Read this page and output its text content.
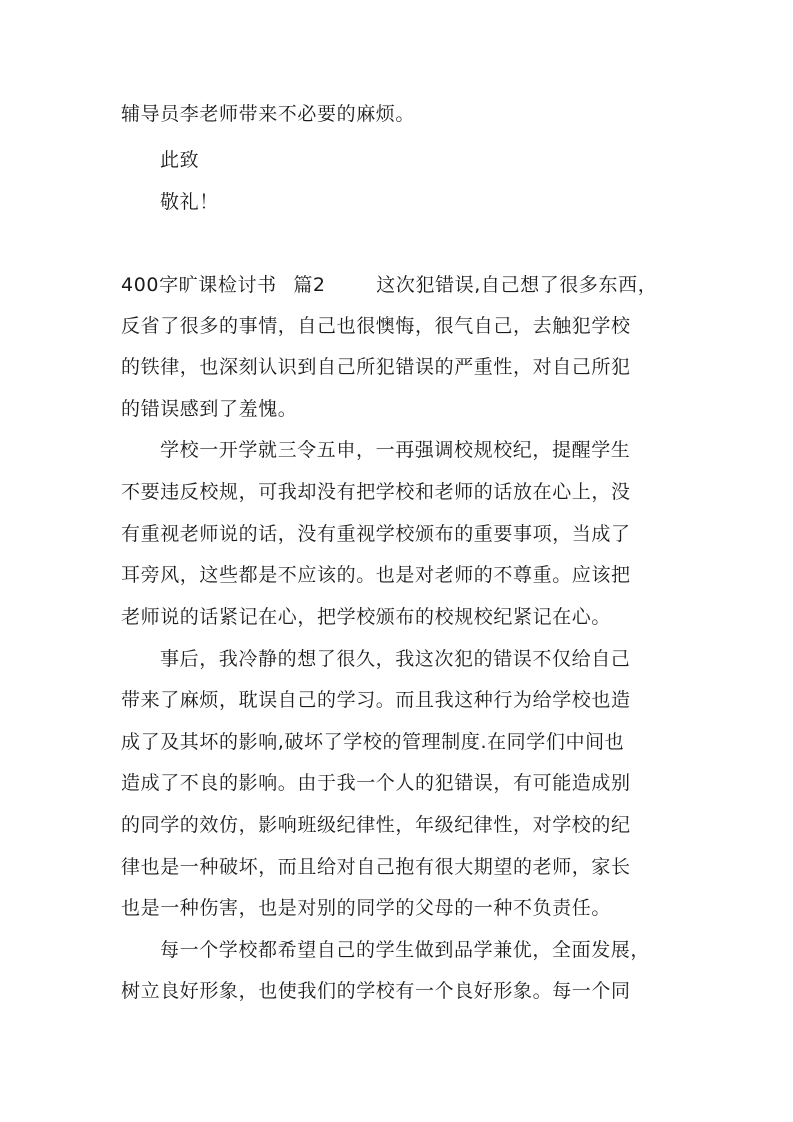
辅导员李老师带来不必要的麻烦。
此致
敬礼！
400字旷课检讨书 篇2	这次犯错误,自己想了很多东西，
反省了很多的事情，自己也很懊悔，很气自己，去触犯学校
的铁律，也深刻认识到自己所犯错误的严重性，对自己所犯
的错误感到了羞愧。
学校一开学就三令五申，一再强调校规校纪，提醒学生
不要违反校规，可我却没有把学校和老师的话放在心上，没
有重视老师说的话，没有重视学校颁布的重要事项，当成了
耳旁风，这些都是不应该的。也是对老师的不尊重。应该把
老师说的话紧记在心，把学校颁布的校规校纪紧记在心。
事后，我冷静的想了很久，我这次犯的错误不仅给自己
带来了麻烦，耽误自己的学习。而且我这种行为给学校也造
成了及其坏的影响,破坏了学校的管理制度.在同学们中间也
造成了不良的影响。由于我一个人的犯错误，有可能造成别
的同学的效仿，影响班级纪律性，年级纪律性，对学校的纪
律也是一种破坏，而且给对自己抱有很大期望的老师，家长
也是一种伤害，也是对别的同学的父母的一种不负责任。
每一个学校都希望自己的学生做到品学兼优，全面发展，
树立良好形象，也使我们的学校有一个良好形象。每一个同
